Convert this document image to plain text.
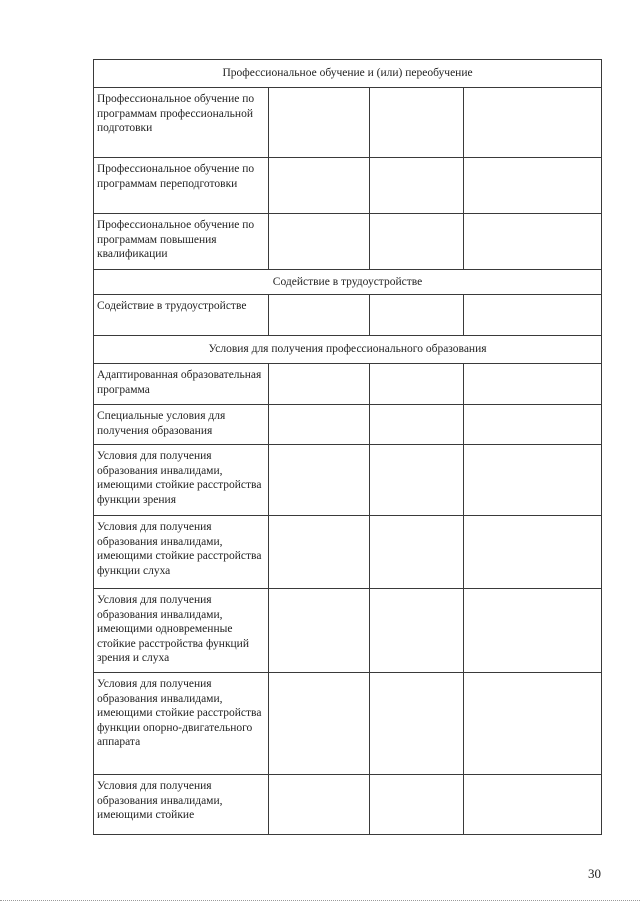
Профессиональное обучение и (или) переобучение			
Профессиональное обучение по программам профессиональной подготовки			
Профессиональное обучение по программам переподготовки			
Профессиональное обучение по программам повышения квалификации			
Содействие в трудоустройстве			
Содействие в трудоустройстве			
Условия для получения профессионального образования			
Адаптированная образовательная программа			
Специальные условия для получения образования			
Условия для получения образования инвалидами, имеющими стойкие расстройства функции зрения			
Условия для получения образования инвалидами, имеющими стойкие расстройства функции слуха			
Условия для получения образования инвалидами, имеющими одновременные стойкие расстройства функций зрения и слуха			
Условия для получения образования инвалидами, имеющими стойкие расстройства функции опорно-двигательного аппарата			
Условия для получения образования инвалидами, имеющими стойкие			
30
